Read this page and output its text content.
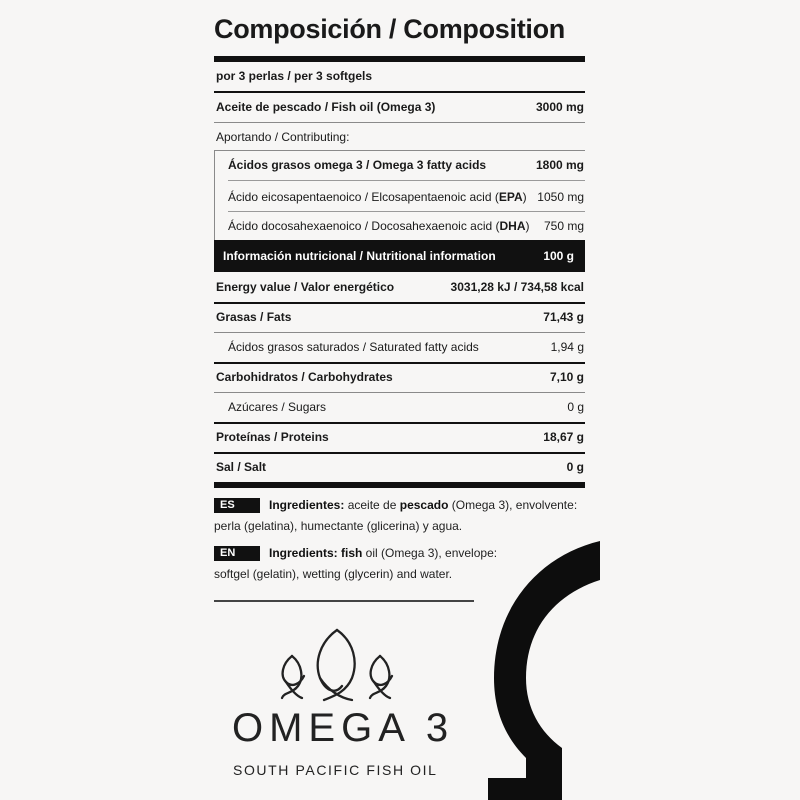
Composición / Composition
por 3 perlas / per 3 softgels
Aceite de pescado / Fish oil (Omega 3)	3000 mg
Aportando / Contributing:
Ácidos grasos omega 3 / Omega 3 fatty acids	1800 mg
Ácido eicosapentaenoico / Elcosapentaenoic acid (EPA) 1050 mg
Ácido docosahexaenoico / Docosahexaenoic acid (DHA) 750 mg
Información nutricional / Nutritional information	100 g
Energy value / Valor energético	3031,28 kJ / 734,58 kcal
Grasas / Fats	71,43 g
Ácidos grasos saturados / Saturated fatty acids	1,94 g
Carbohidratos / Carbohydrates	7,10 g
Azúcares / Sugars	0 g
Proteínas / Proteins	18,67 g
Sal / Salt	0 g
ES	Ingredientes: aceite de pescado (Omega 3), envolvente:
perla (gelatina), humectante (glicerina) y agua.
EN	Ingredients: fish oil (Omega 3), envelope:
softgel (gelatin), wetting (glycerin) and water.
OMEGA 3
SOUTH PACIFIC FISH OIL
